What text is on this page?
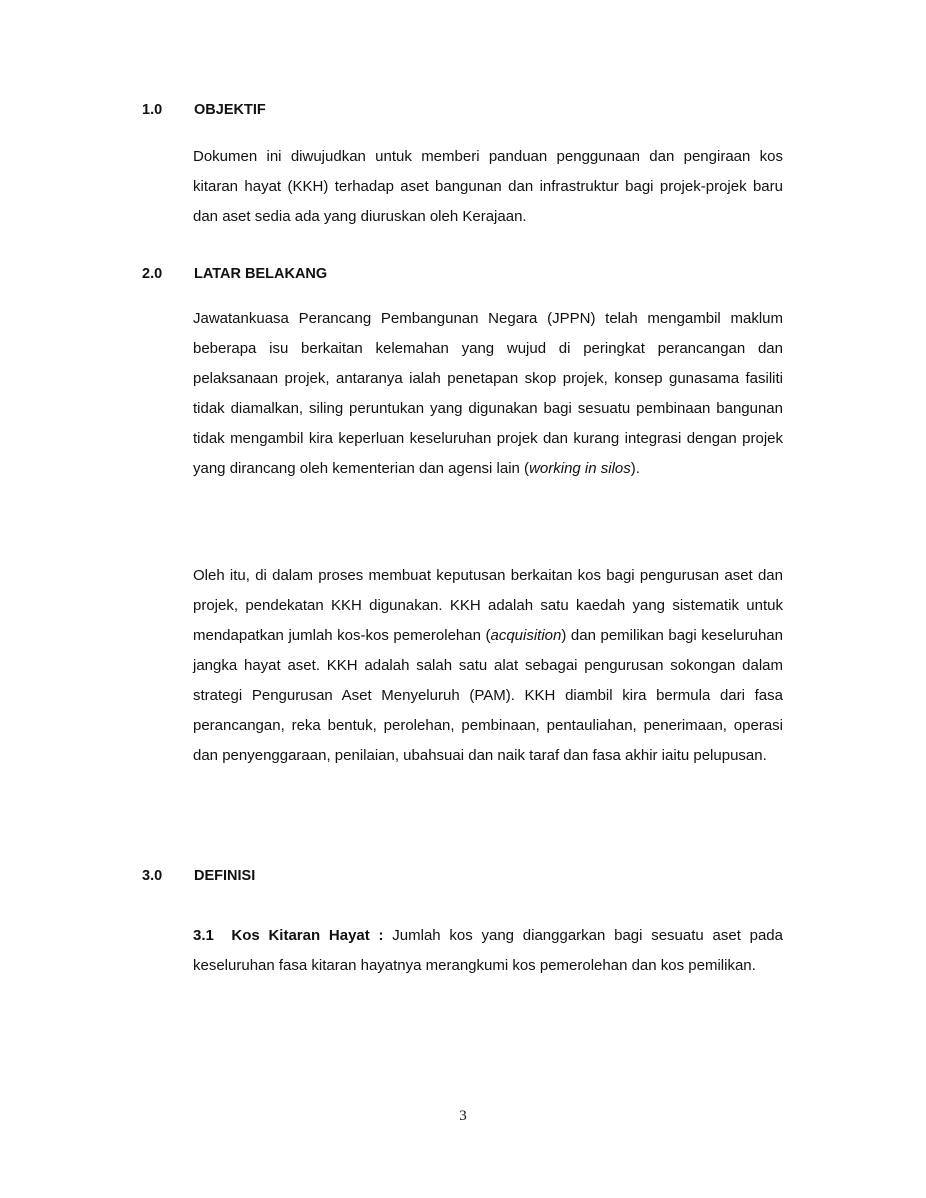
1.0 OBJEKTIF

Dokumen ini diwujudkan untuk memberi panduan penggunaan dan pengiraan kos kitaran hayat (KKH) terhadap aset bangunan dan infrastruktur bagi projek-projek baru dan aset sedia ada yang diuruskan oleh Kerajaan.

2.0 LATAR BELAKANG

Jawatankuasa Perancang Pembangunan Negara (JPPN) telah mengambil maklum beberapa isu berkaitan kelemahan yang wujud di peringkat perancangan dan pelaksanaan projek, antaranya ialah penetapan skop projek, konsep gunasama fasiliti tidak diamalkan, siling peruntukan yang digunakan bagi sesuatu pembinaan bangunan tidak mengambil kira keperluan keseluruhan projek dan kurang integrasi dengan projek yang dirancang oleh kementerian dan agensi lain (working in silos).

Oleh itu, di dalam proses membuat keputusan berkaitan kos bagi pengurusan aset dan projek, pendekatan KKH digunakan. KKH adalah satu kaedah yang sistematik untuk mendapatkan jumlah kos-kos pemerolehan (acquisition) dan pemilikan bagi keseluruhan jangka hayat aset. KKH adalah salah satu alat sebagai pengurusan sokongan dalam strategi Pengurusan Aset Menyeluruh (PAM). KKH diambil kira bermula dari fasa perancangan, reka bentuk, perolehan, pembinaan, pentauliahan, penerimaan, operasi dan penyenggaraan, penilaian, ubahsuai dan naik taraf dan fasa akhir iaitu pelupusan.

3.0 DEFINISI

3.1 Kos Kitaran Hayat : Jumlah kos yang dianggarkan bagi sesuatu aset pada keseluruhan fasa kitaran hayatnya merangkumi kos pemerolehan dan kos pemilikan.

3
